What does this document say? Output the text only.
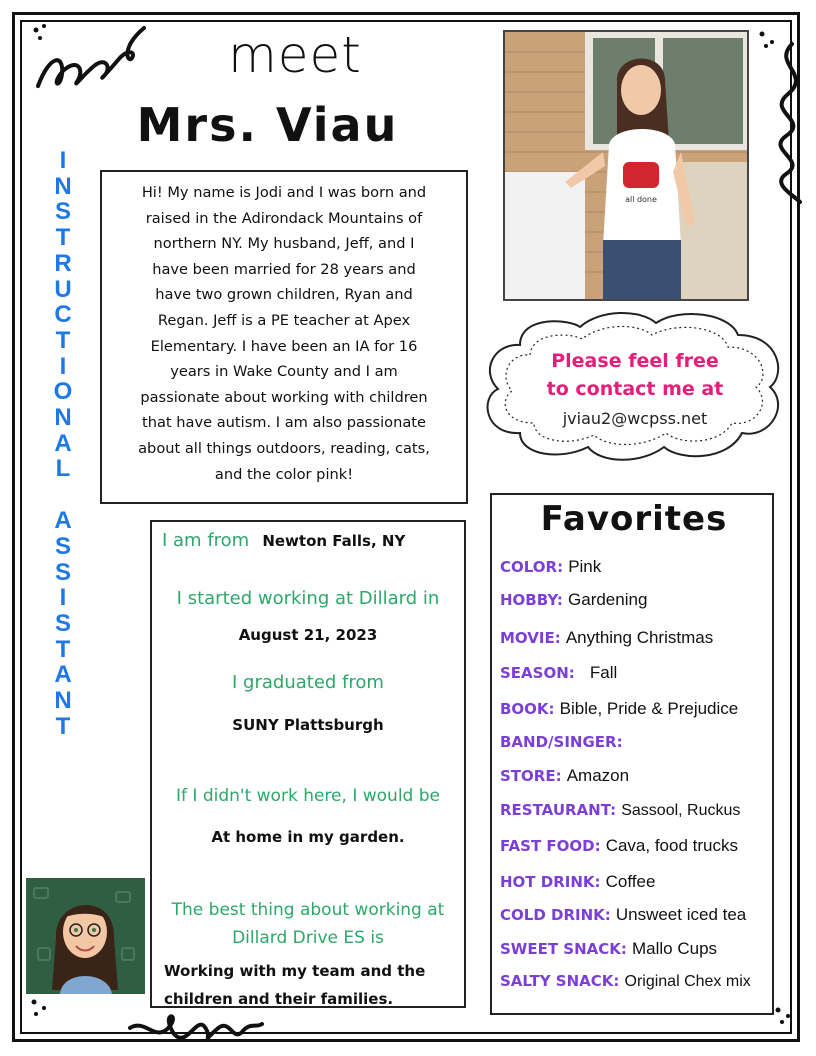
meet
Mrs. Viau
I
N
S
T
R
U
C
T
I
O
N
A
L
A
S
S
I
S
T
A
N
T

Hi! My name is Jodi and I was born and

raised in the Adirondack Mountains of

northern NY. My husband, Jeff, and I

have been married for 28 years and

have two grown children, Ryan and

Regan. Jeff is a PE teacher at Apex

Elementary. I have been an IA for 16

years in Wake County and I am

passionate about working with children

that have autism. I am also passionate

about all things outdoors, reading, cats,

and the color pink!

all done
Please feel free
to contact me at
jviau2@wcpss.net
I am from Newton Falls, NY
I started working at Dillard in
August 21, 2023
I graduated from
SUNY Plattsburgh
If I didn't work here, I would be
At home in my garden.
The best thing about working at
Dillard Drive ES is
Working with my team and the
children and their families.
Favorites
COLOR: Pink
HOBBY: Gardening
MOVIE: Anything Christmas
SEASON: Fall
BOOK: Bible, Pride & Prejudice
BAND/SINGER:
STORE: Amazon
RESTAURANT: Sassool, Ruckus
FAST FOOD: Cava, food trucks
HOT DRINK: Coffee
COLD DRINK: Unsweet iced tea
SWEET SNACK: Mallo Cups
SALTY SNACK: Original Chex mix
